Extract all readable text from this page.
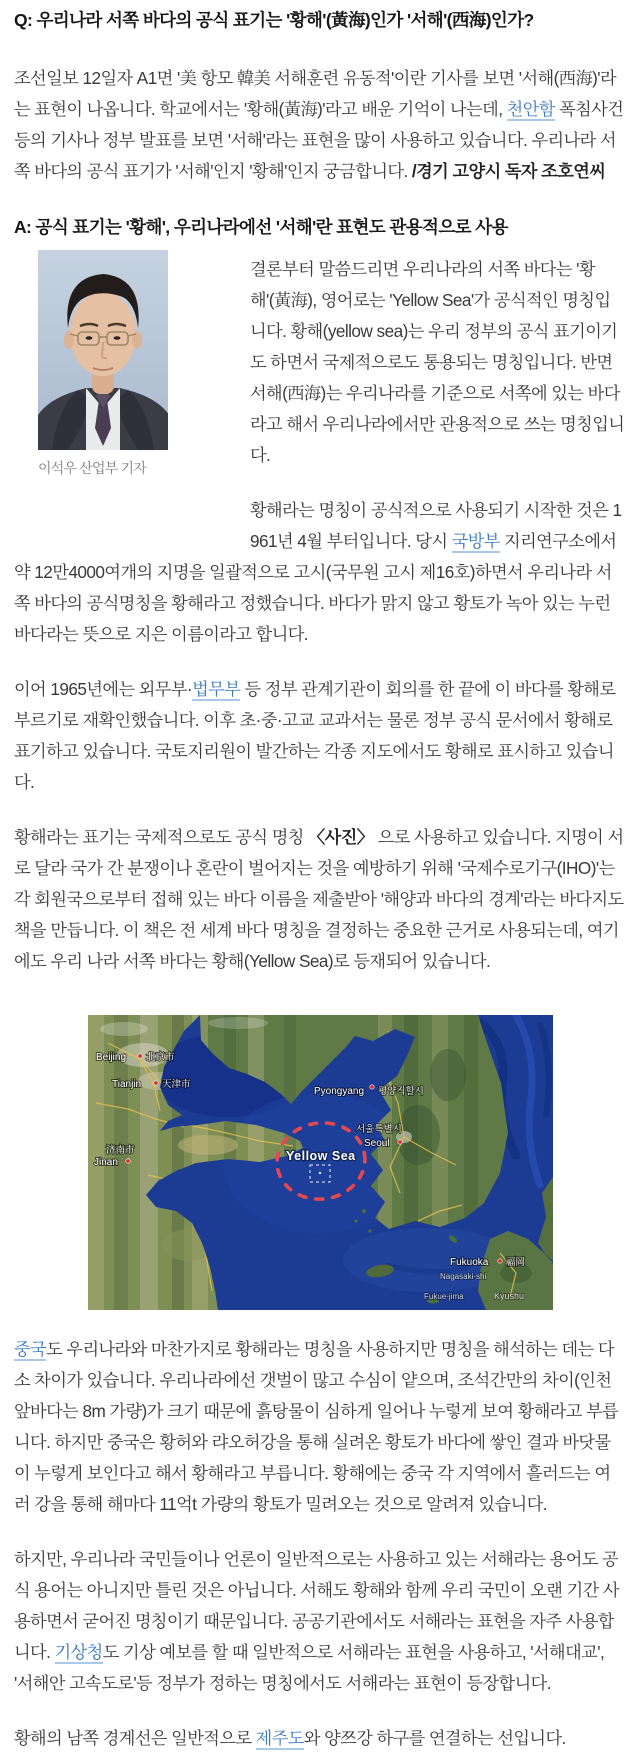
Q: 우리나라 서쪽 바다의 공식 표기는 '황해'(黃海)인가 '서해'(西海)인가?

조선일보 12일자 A1면 '美 항모 韓美 서해훈련 유동적'이란 기사를 보면 '서해(西海)'라는 표현이 나옵니다. 학교에서는 '황해(黃海)'라고 배운 기억이 나는데, 천안함 폭침사건 등의 기사나 정부 발표를 보면 '서해'라는 표현을 많이 사용하고 있습니다. 우리나라 서쪽 바다의 공식 표기가 '서해'인지 '황해'인지 궁금합니다. /경기 고양시 독자 조호연씨

A: 공식 표기는 '황해', 우리나라에선 '서해'란 표현도 관용적으로 사용
이석우 산업부 기자

결론부터 말씀드리면 우리나라의 서쪽 바다는 '황해'(黃海), 영어로는 'Yellow Sea'가 공식적인 명칭입니다. 황해(yellow sea)는 우리 정부의 공식 표기이기도 하면서 국제적으로도 통용되는 명칭입니다. 반면 서해(西海)는 우리나라를 기준으로 서쪽에 있는 바다라고 해서 우리나라에서만 관용적으로 쓰는 명칭입니다.

황해라는 명칭이 공식적으로 사용되기 시작한 것은 1961년 4월 부터입니다. 당시 국방부 지리연구소에서 약 12만4000여개의 지명을 일괄적으로 고시(국무원 고시 제16호)하면서 우리나라 서쪽 바다의 공식명칭을 황해라고 정했습니다. 바다가 맑지 않고 황토가 녹아 있는 누런 바다라는 뜻으로 지은 이름이라고 합니다.

이어 1965년에는 외무부·법무부 등 정부 관계기관이 회의를 한 끝에 이 바다를 황해로 부르기로 재확인했습니다. 이후 초·중·고교 교과서는 물론 정부 공식 문서에서 황해로 표기하고 있습니다. 국토지리원이 발간하는 각종 지도에서도 황해로 표시하고 있습니다.

황해라는 표기는 국제적으로도 공식 명칭 〈사진〉 으로 사용하고 있습니다. 지명이 서로 달라 국가 간 분쟁이나 혼란이 벌어지는 것을 예방하기 위해 '국제수로기구(IHO)'는 각 회원국으로부터 접해 있는 바다 이름을 제출받아 '해양과 바다의 경계'라는 바다지도책을 만듭니다. 이 책은 전 세계 바다 명칭을 결정하는 중요한 근거로 사용되는데, 여기에도 우리 나라 서쪽 바다는 황해(Yellow Sea)로 등재되어 있습니다.

Beijing 北京市
Tianjin 天津市
济南市
Jinan
Pyongyang 평양직할시
서울특별시
Seoul
Fukuoka 福岡
Nagasaki-shi
Fukue-jima	Kyushu
Yellow Sea

중국도 우리나라와 마찬가지로 황해라는 명칭을 사용하지만 명칭을 해석하는 데는 다소 차이가 있습니다. 우리나라에선 갯벌이 많고 수심이 얕으며, 조석간만의 차이(인천 앞바다는 8m 가량)가 크기 때문에 흙탕물이 심하게 일어나 누렇게 보여 황해라고 부릅니다. 하지만 중국은 황허와 랴오허강을 통해 실려온 황토가 바다에 쌓인 결과 바닷물이 누렇게 보인다고 해서 황해라고 부릅니다. 황해에는 중국 각 지역에서 흘러드는 여러 강을 통해 해마다 11억t 가량의 황토가 밀려오는 것으로 알려져 있습니다.

하지만, 우리나라 국민들이나 언론이 일반적으로는 사용하고 있는 서해라는 용어도 공식 용어는 아니지만 틀린 것은 아닙니다. 서해도 황해와 함께 우리 국민이 오랜 기간 사용하면서 굳어진 명칭이기 때문입니다. 공공기관에서도 서해라는 표현을 자주 사용합니다. 기상청도 기상 예보를 할 때 일반적으로 서해라는 표현을 사용하고, '서해대교', '서해안 고속도로'등 정부가 정하는 명칭에서도 서해라는 표현이 등장합니다.

황해의 남쪽 경계선은 일반적으로 제주도와 양쯔강 하구를 연결하는 선입니다.
